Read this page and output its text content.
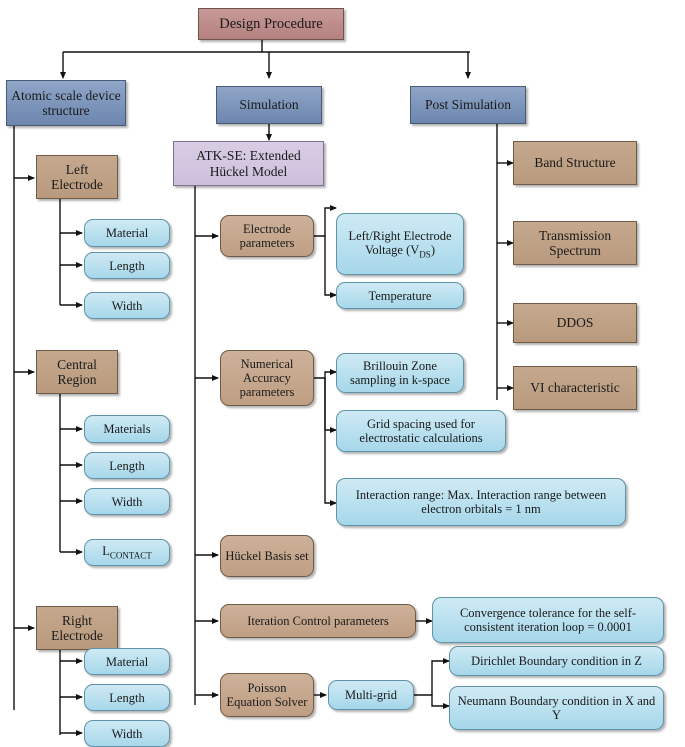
Design Procedure
Atomic scale device structure	Simulation	Post Simulation
Left Electrode
Material
Length
Width
Central Region
Materials
Length
Width
$L_{CONTACT}$
Right Electrode
Material
Length
Width
ATK-SE: Extended Hückel Model
Electrode parameters
Left/Right Electrode Voltage $(V_{DS})$
Temperature
Numerical Accuracy parameters
Brillouin Zone sampling in k-space
Grid spacing used for electrostatic calculations
Interaction range: Max. Interaction range between electron orbitals = 1 nm
Hückel Basis set
Iteration Control parameters
Convergence tolerance for the self-consistent iteration loop = 0.0001
Poisson Equation Solver	Multi-grid
Dirichlet Boundary condition in Z
Neumann Boundary condition in X and Y
Band Structure
Transmission Spectrum
DDOS
VI characteristic
